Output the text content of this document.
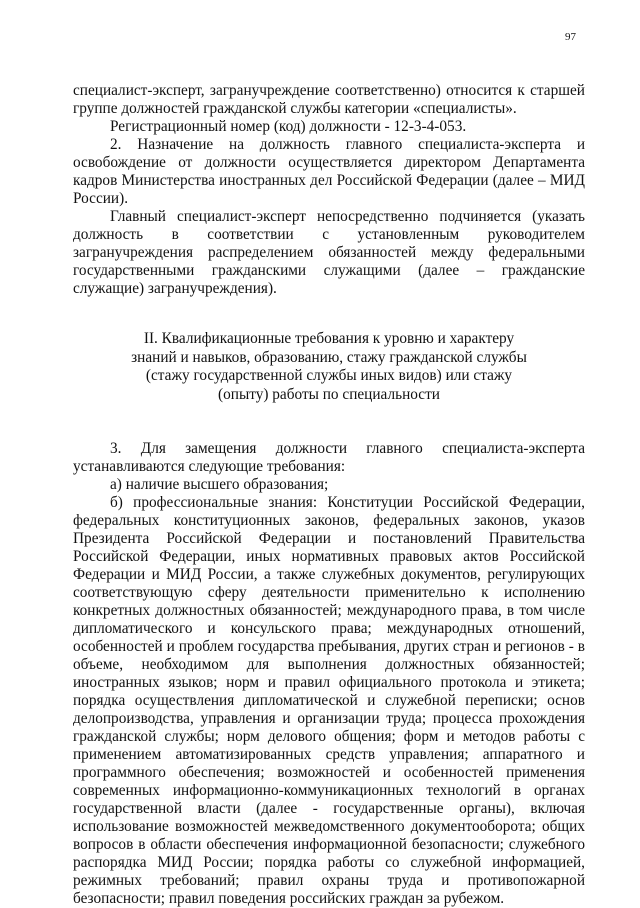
97

специалист-эксперт, загранучреждение соответственно) относится к старшей группе должностей гражданской службы категории «специалисты».

Регистрационный номер (код) должности - 12-3-4-053.

2. Назначение на должность главного специалиста-эксперта и освобождение от должности осуществляется директором Департамента кадров Министерства иностранных дел Российской Федерации (далее – МИД России).

Главный специалист-эксперт непосредственно подчиняется (указать должность в соответствии с установленным руководителем загранучреждения распределением обязанностей между федеральными государственными гражданскими служащими (далее – гражданские служащие) загранучреждения).

II. Квалификационные требования к уровню и характеру
знаний и навыков, образованию, стажу гражданской службы
(стажу государственной службы иных видов) или стажу
(опыту) работы по специальности

3. Для замещения должности главного специалиста-эксперта устанавливаются следующие требования:

а) наличие высшего образования;

б) профессиональные знания: Конституции Российской Федерации, федеральных конституционных законов, федеральных законов, указов Президента Российской Федерации и постановлений Правительства Российской Федерации, иных нормативных правовых актов Российской Федерации и МИД России, а также служебных документов, регулирующих соответствующую сферу деятельности применительно к исполнению конкретных должностных обязанностей; международного права, в том числе дипломатического и консульского права; международных отношений, особенностей и проблем государства пребывания, других стран и регионов - в объеме, необходимом для выполнения должностных обязанностей; иностранных языков; норм и правил официального протокола и этикета; порядка осуществления дипломатической и служебной переписки; основ делопроизводства, управления и организации труда; процесса прохождения гражданской службы; норм делового общения; форм и методов работы с применением автоматизированных средств управления; аппаратного и программного обеспечения; возможностей и особенностей применения современных информационно-коммуникационных технологий в органах государственной власти (далее - государственные органы), включая использование возможностей межведомственного документооборота; общих вопросов в области обеспечения информационной безопасности; служебного распорядка МИД России; порядка работы со служебной информацией, режимных требований; правил охраны труда и противопожарной безопасности; правил поведения российских граждан за рубежом.
